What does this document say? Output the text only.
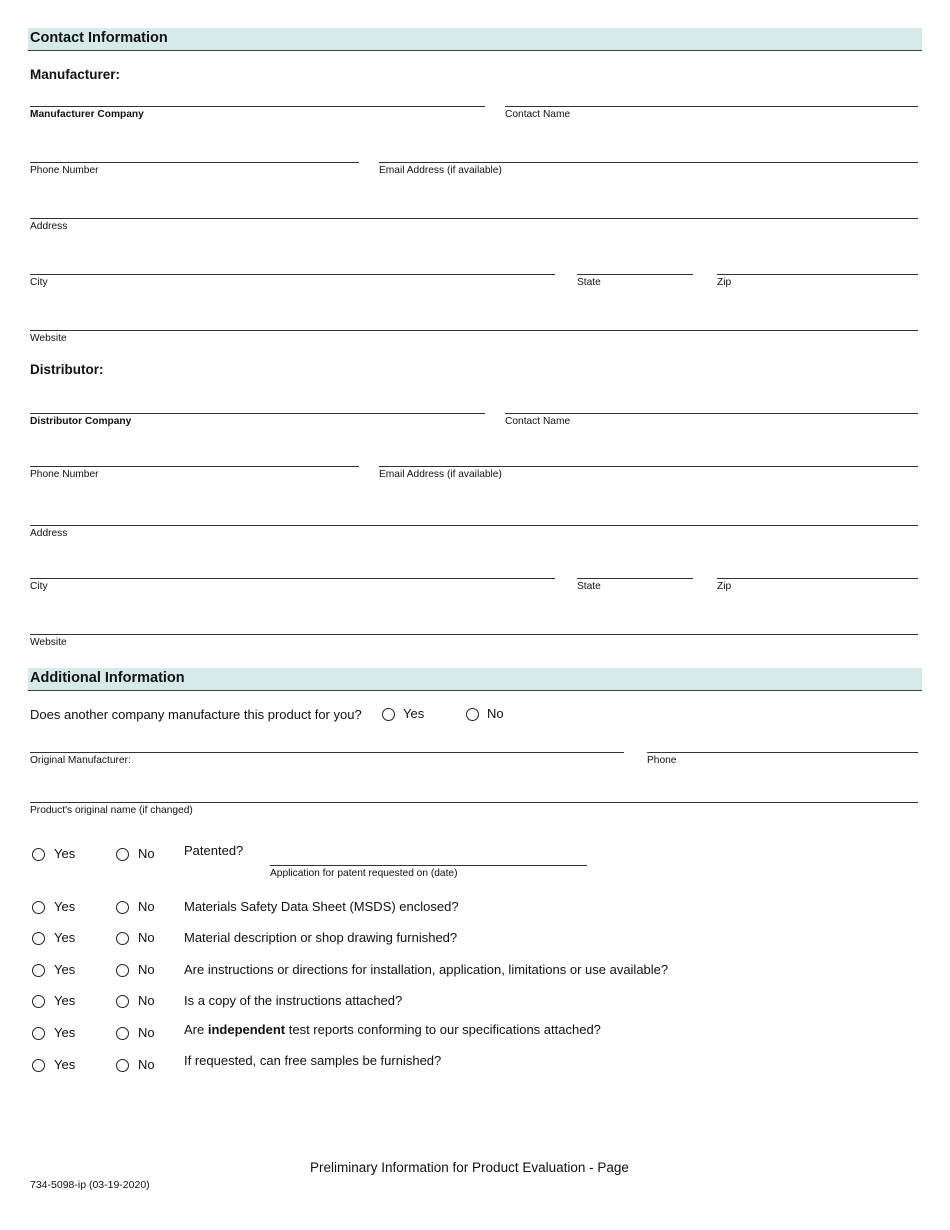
Contact Information
Manufacturer:
Manufacturer Company	Contact Name
Phone Number	Email Address (if available)
Address
City	State	Zip
Website
Distributor:
Distributor Company	Contact Name
Phone Number	Email Address (if available)
Address
City	State	Zip
Website
Additional Information
Does another company manufacture this product for you?	Yes	No
Original Manufacturer:	Phone
Product's original name (if changed)
Yes	No Patented?
Application for patent requested on (date)
Yes	No Materials Safety Data Sheet (MSDS) enclosed?
Yes	No Material description or shop drawing furnished?
Yes	No Are instructions or directions for installation, application, limitations or use available?
Yes	No Is a copy of the instructions attached?
Yes	No Are independent test reports conforming to our specifications attached?
Yes	No If requested, can free samples be furnished?
Preliminary Information for Product Evaluation - Page
734-5098-ip (03-19-2020)
